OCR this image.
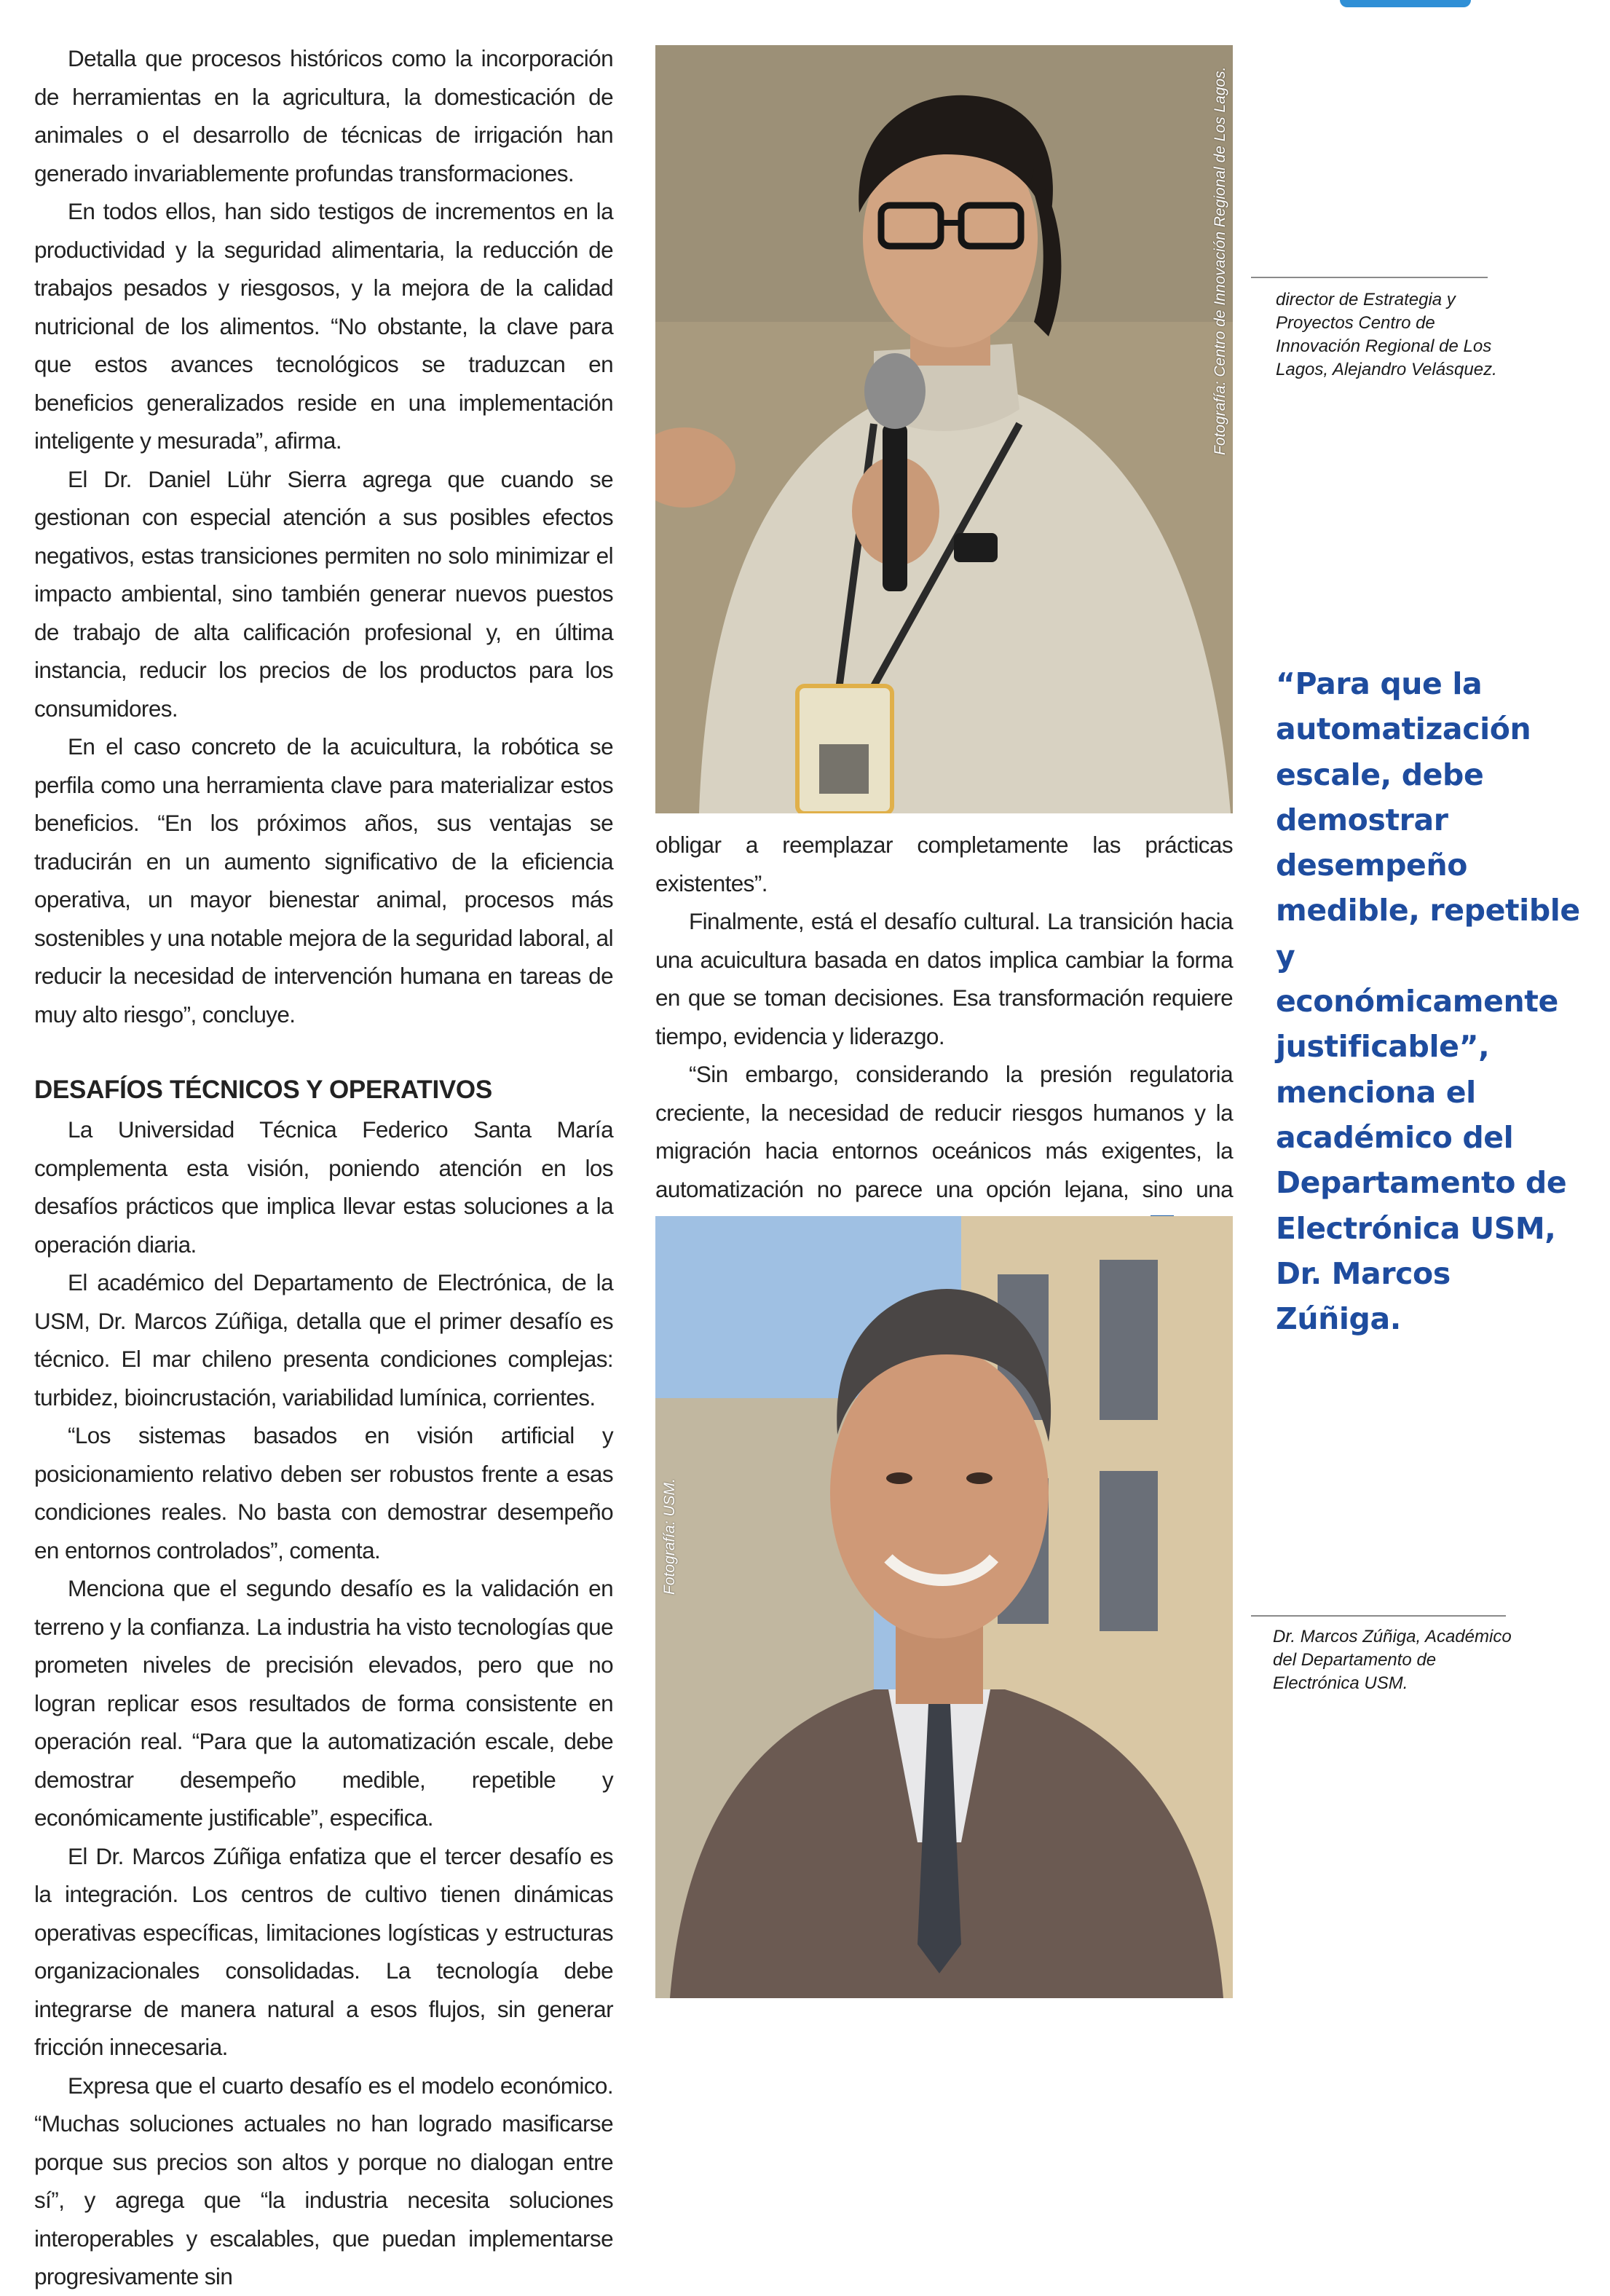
Detalla que procesos históricos como la incorporación de herramientas en la agricultura, la domesticación de animales o el desarrollo de técnicas de irrigación han generado invariablemente profundas transformaciones.

En todos ellos, han sido testigos de incrementos en la productividad y la seguridad alimentaria, la reducción de trabajos pesados y riesgosos, y la mejora de la calidad nutricional de los alimentos. “No obstante, la clave para que estos avances tecnológicos se traduzcan en beneficios generalizados reside en una implementación inteligente y mesurada”, afirma.

El Dr. Daniel Lühr Sierra agrega que cuando se gestionan con especial atención a sus posibles efectos negativos, estas transiciones permiten no solo minimizar el impacto ambiental, sino también generar nuevos puestos de trabajo de alta calificación profesional y, en última instancia, reducir los precios de los productos para los consumidores.

En el caso concreto de la acuicultura, la robótica se perfila como una herramienta clave para materializar estos beneficios. “En los próximos años, sus ventajas se traducirán en un aumento significativo de la eficiencia operativa, un mayor bienestar animal, procesos más sostenibles y una notable mejora de la seguridad laboral, al reducir la necesidad de intervención humana en tareas de muy alto riesgo”, concluye.

DESAFÍOS TÉCNICOS Y OPERATIVOS

La Universidad Técnica Federico Santa María complementa esta visión, poniendo atención en los desafíos prácticos que implica llevar estas soluciones a la operación diaria.

El académico del Departamento de Electrónica, de la USM, Dr. Marcos Zúñiga, detalla que el primer desafío es técnico. El mar chileno presenta condiciones complejas: turbidez, bioincrustación, variabilidad lumínica, corrientes.

“Los sistemas basados en visión artificial y posicionamiento relativo deben ser robustos frente a esas condiciones reales. No basta con demostrar desempeño en entornos controlados”, comenta.

Menciona que el segundo desafío es la validación en terreno y la confianza. La industria ha visto tecnologías que prometen niveles de precisión elevados, pero que no logran replicar esos resultados de forma consistente en operación real. “Para que la automatización escale, debe demostrar desempeño medible, repetible y económicamente justificable”, especifica.

El Dr. Marcos Zúñiga enfatiza que el tercer desafío es la integración. Los centros de cultivo tienen dinámicas operativas específicas, limitaciones logísticas y estructuras organizacionales consolidadas. La tecnología debe integrarse de manera natural a esos flujos, sin generar fricción innecesaria.

Expresa que el cuarto desafío es el modelo económico. “Muchas soluciones actuales no han logrado masificarse porque sus precios son altos y porque no dialogan entre sí”, y agrega que “la industria necesita soluciones interoperables y escalables, que puedan implementarse progresivamente sin

Fotografía: Centro de Innovación Regional de Los Lagos.	director de Estrategia y Proyectos Centro de Innovación Regional de Los Lagos, Alejandro Velásquez.
“Para que la automatización escale, debe demostrar desempeño medible, repetible y económicamente justificable”, menciona el académico del Departamento de Electrónica USM, Dr. Marcos Zúñiga.

obligar a reemplazar completamente las prácticas existentes”.

Finalmente, está el desafío cultural. La transición hacia una acuicultura basada en datos implica cambiar la forma en que se toman decisiones. Esa transformación requiere tiempo, evidencia y liderazgo.

“Sin embargo, considerando la presión regulatoria creciente, la necesidad de reducir riesgos humanos y la migración hacia entornos oceánicos más exigentes, la automatización no parece una opción lejana, sino una

Fotografía: USM.
Dr. Marcos Zúñiga, Académico del Departamento de Electrónica USM.
